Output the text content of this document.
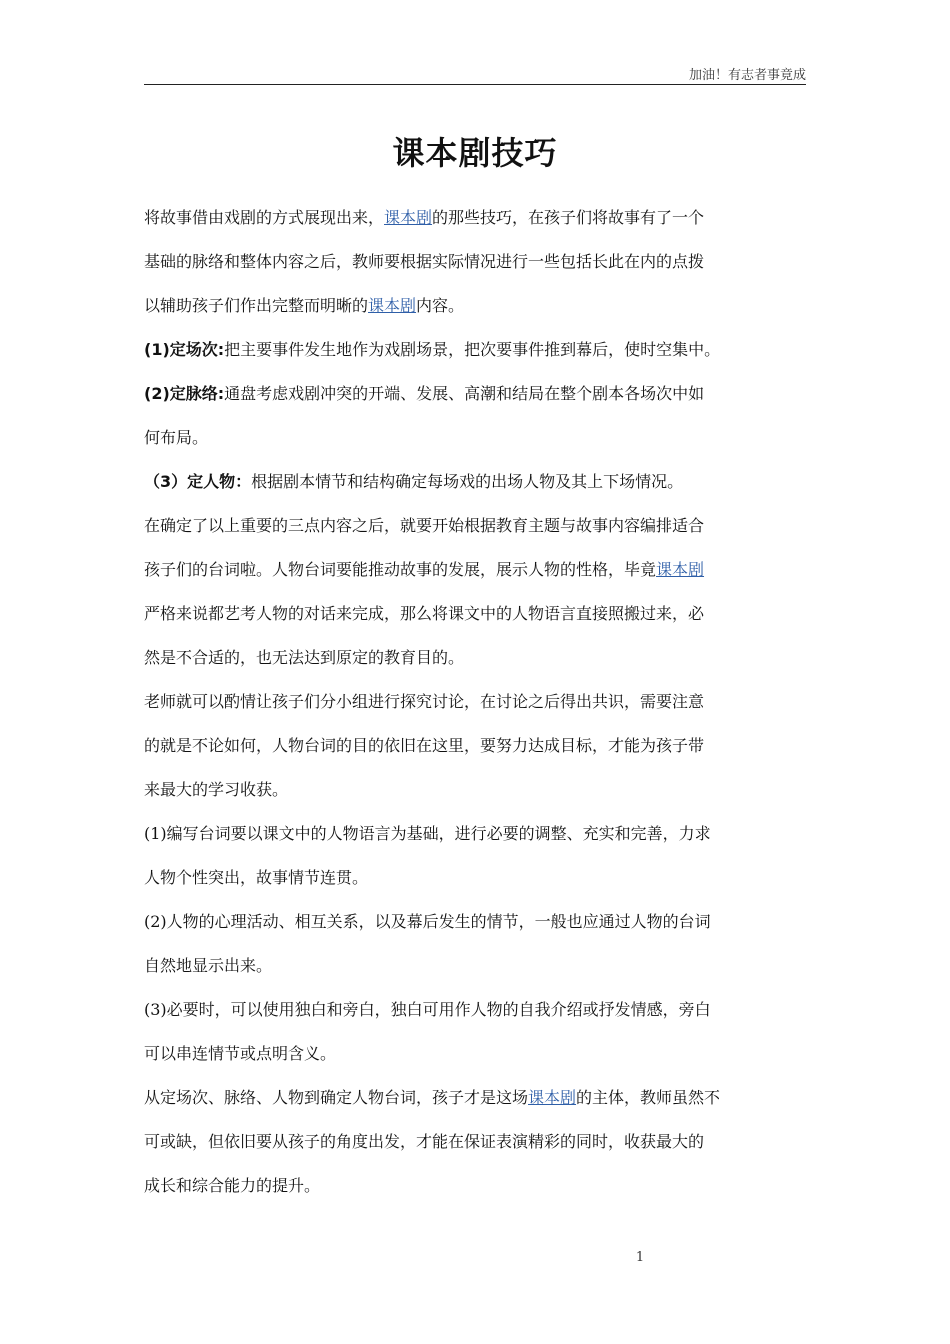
加油！有志者事竟成
课本剧技巧

将故事借由戏剧的方式展现出来，课本剧的那些技巧，在孩子们将故事有了一个

基础的脉络和整体内容之后，教师要根据实际情况进行一些包括长此在内的点拨

以辅助孩子们作出完整而明晰的课本剧内容。

(1)定场次:把主要事件发生地作为戏剧场景，把次要事件推到幕后，使时空集中。

(2)定脉络:通盘考虑戏剧冲突的开端、发展、高潮和结局在整个剧本各场次中如

何布局。

（3）定人物：根据剧本情节和结构确定每场戏的出场人物及其上下场情况。

在确定了以上重要的三点内容之后，就要开始根据教育主题与故事内容编排适合

孩子们的台词啦。人物台词要能推动故事的发展，展示人物的性格，毕竟课本剧

严格来说都艺考人物的对话来完成，那么将课文中的人物语言直接照搬过来，必

然是不合适的，也无法达到原定的教育目的。

老师就可以酌情让孩子们分小组进行探究讨论，在讨论之后得出共识，需要注意

的就是不论如何，人物台词的目的依旧在这里，要努力达成目标，才能为孩子带

来最大的学习收获。

(1)编写台词要以课文中的人物语言为基础，进行必要的调整、充实和完善，力求

人物个性突出，故事情节连贯。

(2)人物的心理活动、相互关系，以及幕后发生的情节，一般也应通过人物的台词

自然地显示出来。

(3)必要时，可以使用独白和旁白，独白可用作人物的自我介绍或抒发情感，旁白

可以串连情节或点明含义。

从定场次、脉络、人物到确定人物台词，孩子才是这场课本剧的主体，教师虽然不

可或缺，但依旧要从孩子的角度出发，才能在保证表演精彩的同时，收获最大的

成长和综合能力的提升。

1
